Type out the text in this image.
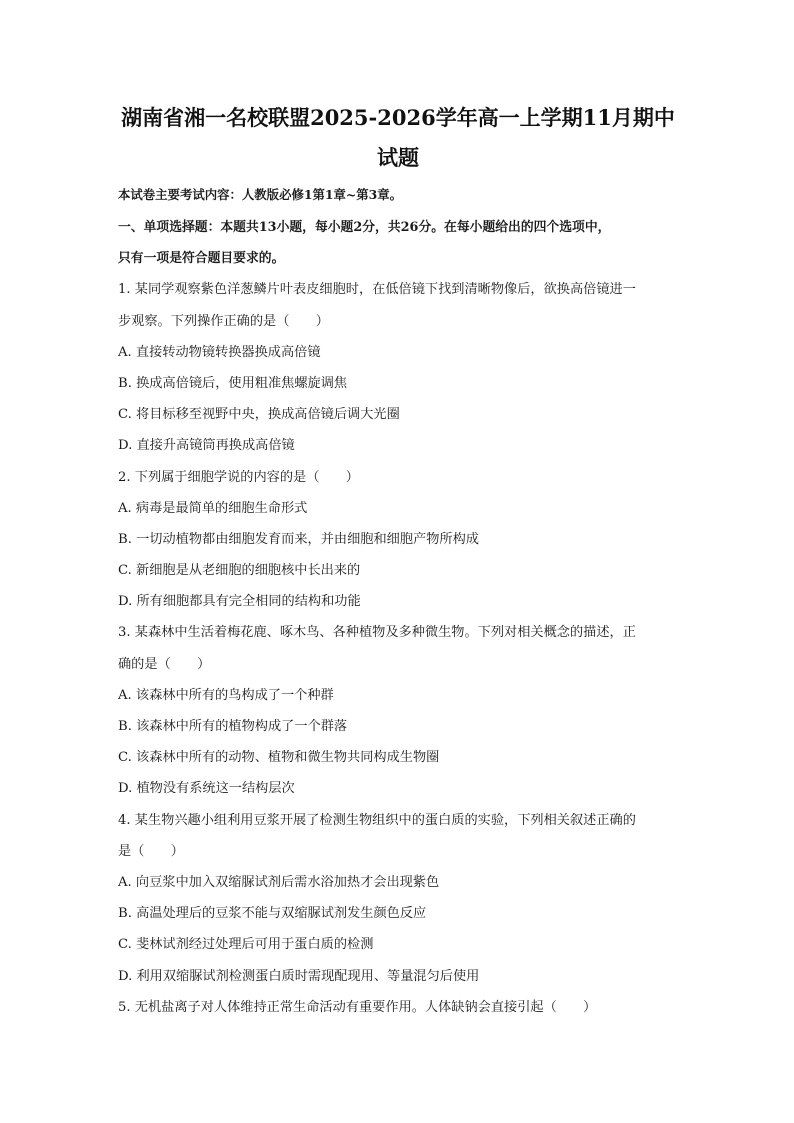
湖南省湘一名校联盟2025-2026学年高一上学期11月期中
试题
本试卷主要考试内容：人教版必修1第1章~第3章。
一、单项选择题：本题共13小题，每小题2分，共26分。在每小题给出的四个选项中，
只有一项是符合题目要求的。
1. 某同学观察紫色洋葱鳞片叶表皮细胞时，在低倍镜下找到清晰物像后，欲换高倍镜进一
步观察。下列操作正确的是（　　）
A. 直接转动物镜转换器换成高倍镜
B. 换成高倍镜后，使用粗准焦螺旋调焦
C. 将目标移至视野中央，换成高倍镜后调大光圈
D. 直接升高镜筒再换成高倍镜
2. 下列属于细胞学说的内容的是（　　）
A. 病毒是最简单的细胞生命形式
B. 一切动植物都由细胞发育而来，并由细胞和细胞产物所构成
C. 新细胞是从老细胞的细胞核中长出来的
D. 所有细胞都具有完全相同的结构和功能
3. 某森林中生活着梅花鹿、啄木鸟、各种植物及多种微生物。下列对相关概念的描述，正
确的是（　　）
A. 该森林中所有的鸟构成了一个种群
B. 该森林中所有的植物构成了一个群落
C. 该森林中所有的动物、植物和微生物共同构成生物圈
D. 植物没有系统这一结构层次
4. 某生物兴趣小组利用豆浆开展了检测生物组织中的蛋白质的实验，下列相关叙述正确的
是（　　）
A. 向豆浆中加入双缩脲试剂后需水浴加热才会出现紫色
B. 高温处理后的豆浆不能与双缩脲试剂发生颜色反应
C. 斐林试剂经过处理后可用于蛋白质的检测
D. 利用双缩脲试剂检测蛋白质时需现配现用、等量混匀后使用
5. 无机盐离子对人体维持正常生命活动有重要作用。人体缺钠会直接引起（　　）
